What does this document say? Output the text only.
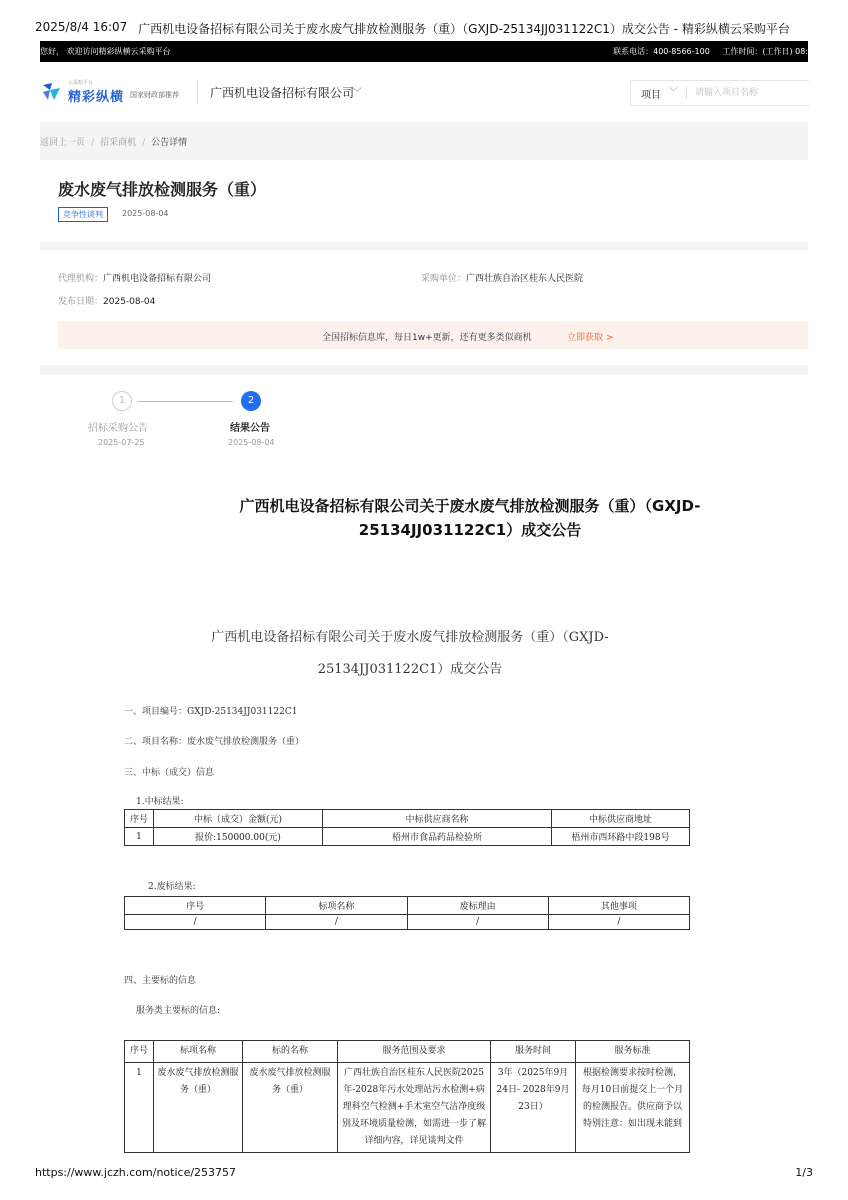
2025/8/4 16:07 广西机电设备招标有限公司关于废水废气排放检测服务（重）（GXJD-25134JJ031122C1）成交公告 - 精彩纵横云采购平台
您好， 欢迎访问精彩纵横云采购平台	联系电话：400-8566-100 工作时间：(工作日) 08:
云采购平台
精彩纵横 国家财政部推荐	广西机电设备招标有限公司
﹀	项目 ﹀
请输入项目名称
返回上一页 / 招采商机 / 公告详情
废水废气排放检测服务（重）
竞争性谈判	2025-08-04
代理机构：广西机电设备招标有限公司	采购单位：广西壮族自治区桂东人民医院
发布日期：2025-08-04
全国招标信息库，每日1w+更新，还有更多类似商机	立即获取 >
1	2
招标采购公告	结果公告
2025-07-25	2025-08-04
广西机电设备招标有限公司关于废水废气排放检测服务（重）（GXJD-
25134JJ031122C1）成交公告
广西机电设备招标有限公司关于废水废气排放检测服务（重）（GXJD-
25134JJ031122C1）成交公告
一、项目编号：GXJD-25134JJ031122C1
二、项目名称：废水废气排放检测服务（重）
三、中标（成交）信息
1.中标结果:
序号	中标（成交）金额(元)	中标供应商名称	中标供应商地址
1	报价:150000.00(元)	梧州市食品药品检验所	梧州市西环路中段198号
2.废标结果:
序号	标项名称	废标理由	其他事项
/	/	/	/
四、主要标的信息
服务类主要标的信息:
序号	标项名称	标的名称	服务范围及要求	服务时间	服务标准
1	废水废气排放检测服务（重）	废水废气排放检测服务（重）	广西壮族自治区桂东人民医院2025年-2028年污水处理站污水检测+病理科空气检测+手术室空气洁净度级别及环境质量检测，如需进一步了解详细内容，详见谈判文件	3年（2025年9月24日- 2028年9月23日）	根据检测要求按时检测，每月10日前提交上一个月的检测报告。供应商予以特别注意：如出现未能到
https://www.jczh.com/notice/253757	1/3
